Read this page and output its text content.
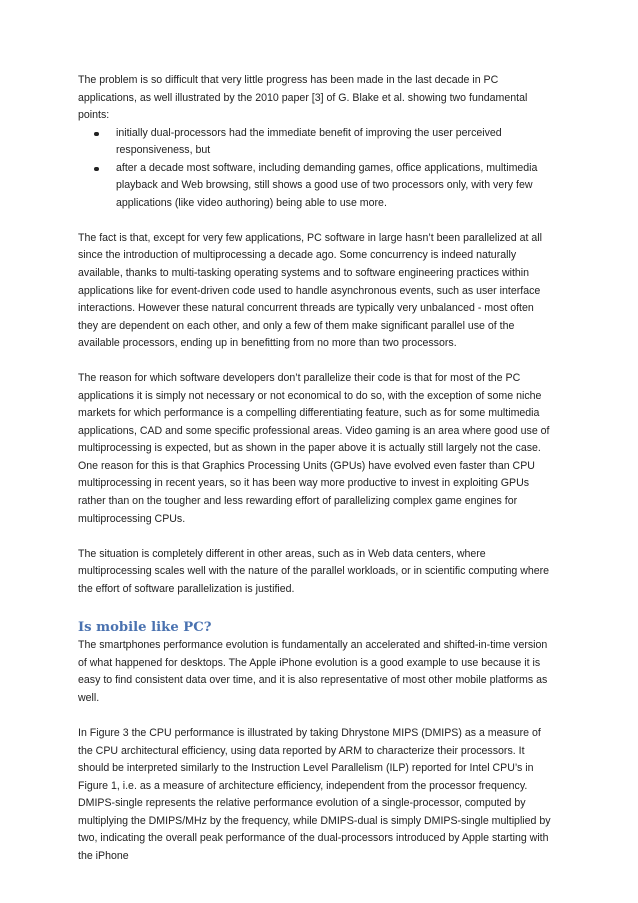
The problem is so difficult that very little progress has been made in the last decade in PC applications, as well illustrated by the 2010 paper [3] of G. Blake et al. showing two fundamental points:

initially dual-processors had the immediate benefit of improving the user perceived responsiveness, but
after a decade most software, including demanding games, office applications, multimedia playback and Web browsing, still shows a good use of two processors only, with very few applications (like video authoring) being able to use more.

The fact is that, except for very few applications, PC software in large hasn’t been parallelized at all since the introduction of multiprocessing a decade ago. Some concurrency is indeed naturally available, thanks to multi-tasking operating systems and to software engineering practices within applications like for event-driven code used to handle asynchronous events, such as user interface interactions. However these natural concurrent threads are typically very unbalanced - most often they are dependent on each other, and only a few of them make significant parallel use of the available processors, ending up in benefitting from no more than two processors.

The reason for which software developers don’t parallelize their code is that for most of the PC applications it is simply not necessary or not economical to do so, with the exception of some niche markets for which performance is a compelling differentiating feature, such as for some multimedia applications, CAD and some specific professional areas. Video gaming is an area where good use of multiprocessing is expected, but as shown in the paper above it is actually still largely not the case. One reason for this is that Graphics Processing Units (GPUs) have evolved even faster than CPU multiprocessing in recent years, so it has been way more productive to invest in exploiting GPUs rather than on the tougher and less rewarding effort of parallelizing complex game engines for multiprocessing CPUs.

The situation is completely different in other areas, such as in Web data centers, where multiprocessing scales well with the nature of the parallel workloads, or in scientific computing where the effort of software parallelization is justified.

Is mobile like PC?

The smartphones performance evolution is fundamentally an accelerated and shifted-in-time version of what happened for desktops. The Apple iPhone evolution is a good example to use because it is easy to find consistent data over time, and it is also representative of most other mobile platforms as well.

In Figure 3 the CPU performance is illustrated by taking Dhrystone MIPS (DMIPS) as a measure of the CPU architectural efficiency, using data reported by ARM to characterize their processors. It should be interpreted similarly to the Instruction Level Parallelism (ILP) reported for Intel CPU’s in Figure 1, i.e. as a measure of architecture efficiency, independent from the processor frequency. DMIPS-single represents the relative performance evolution of a single-processor, computed by multiplying the DMIPS/MHz by the frequency, while DMIPS-dual is simply DMIPS-single multiplied by two, indicating the overall peak performance of the dual-processors introduced by Apple starting with the iPhone
